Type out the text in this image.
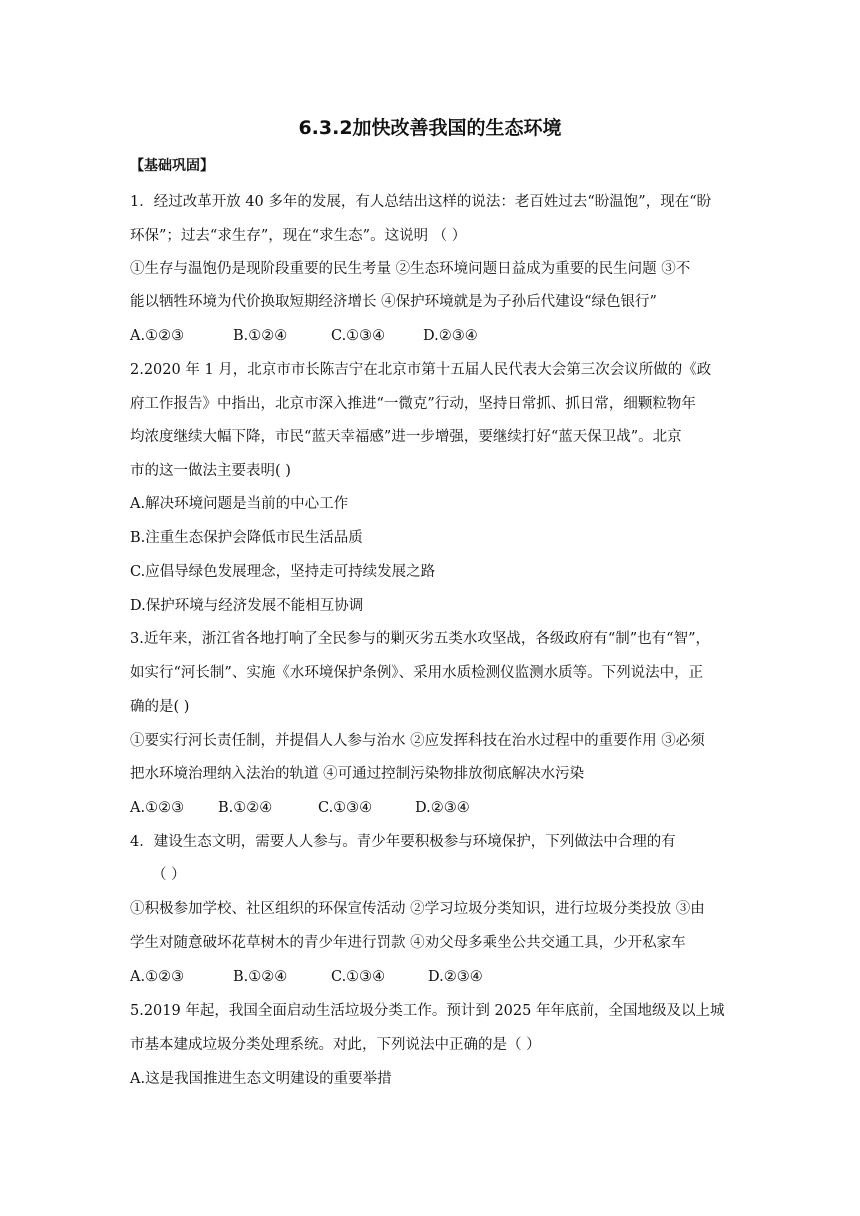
6.3.2加快改善我国的生态环境
【基础巩固】
1．经过改革开放 40 多年的发展，有人总结出这样的说法：老百姓过去“盼温饱”，现在“盼
环保”；过去“求生存”，现在“求生态”。这说明 （ ）
①生存与温饱仍是现阶段重要的民生考量 ②生态环境问题日益成为重要的民生问题 ③不
能以牺牲环境为代价换取短期经济增长 ④保护环境就是为子孙后代建设“绿色银行”
A.①②③	B.①②④	C.①③④	D.②③④
2.2020 年 1 月，北京市市长陈吉宁在北京市第十五届人民代表大会第三次会议所做的《政
府工作报告》中指出，北京市深入推进“一微克”行动，坚持日常抓、抓日常，细颗粒物年
均浓度继续大幅下降，市民“蓝天幸福感”进一步增强，要继续打好“蓝天保卫战”。北京
市的这一做法主要表明( )
A.解决环境问题是当前的中心工作
B.注重生态保护会降低市民生活品质
C.应倡导绿色发展理念，坚持走可持续发展之路
D.保护环境与经济发展不能相互协调
3.近年来，浙江省各地打响了全民参与的剿灭劣五类水攻坚战，各级政府有“制”也有“智”，
如实行“河长制”、实施《水环境保护条例》、采用水质检测仪监测水质等。下列说法中，正
确的是( )
①要实行河长责任制，并提倡人人参与治水 ②应发挥科技在治水过程中的重要作用 ③必须
把水环境治理纳入法治的轨道 ④可通过控制污染物排放彻底解决水污染
A.①②③ B.①②④	C.①③④	D.②③④
4．建设生态文明，需要人人参与。青少年要积极参与环境保护，下列做法中合理的有
（ ）
①积极参加学校、社区组织的环保宣传活动 ②学习垃圾分类知识，进行垃圾分类投放 ③由
学生对随意破坏花草树木的青少年进行罚款 ④劝父母多乘坐公共交通工具，少开私家车
A.①②③	B.①②④	C.①③④	D.②③④
5.2019 年起，我国全面启动生活垃圾分类工作。预计到 2025 年年底前，全国地级及以上城
市基本建成垃圾分类处理系统。对此，下列说法中正确的是（ ）
A.这是我国推进生态文明建设的重要举措
